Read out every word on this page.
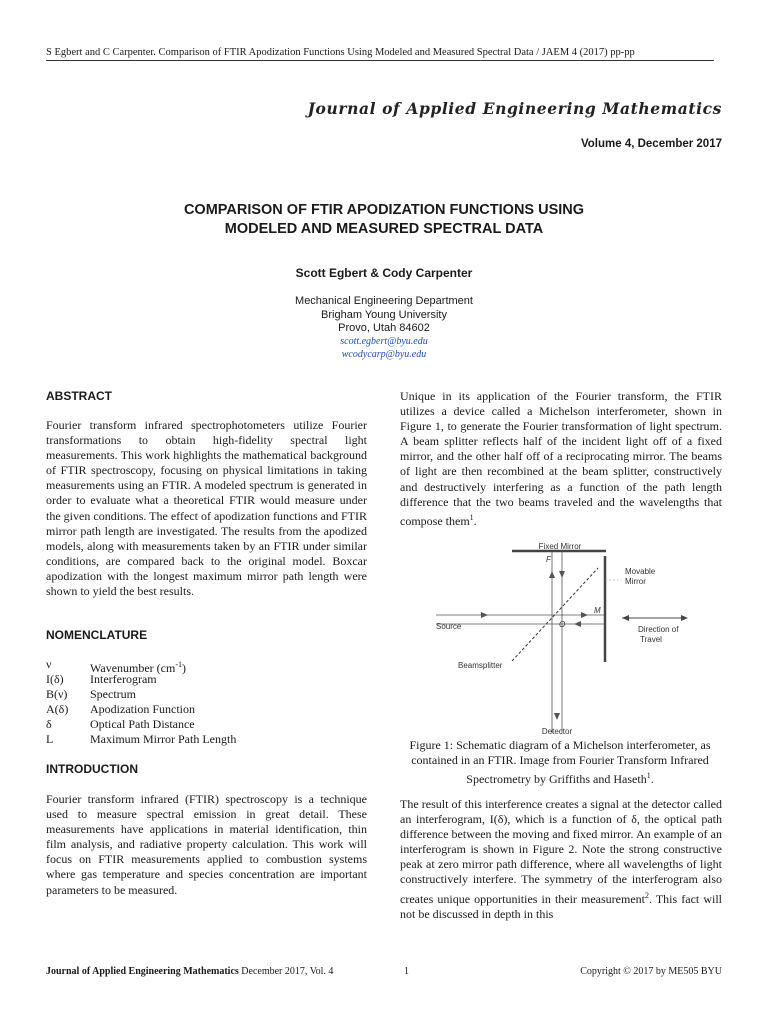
S Egbert and C Carpenter. Comparison of FTIR Apodization Functions Using Modeled and Measured Spectral Data / JAEM 4 (2017) pp-pp
Journal of Applied Engineering Mathematics
Volume 4, December 2017
COMPARISON OF FTIR APODIZATION FUNCTIONS USING
MODELED AND MEASURED SPECTRAL DATA
Scott Egbert & Cody Carpenter
Mechanical Engineering Department
Brigham Young University
Provo, Utah 84602
scott.egbert@byu.edu
wcodycarp@byu.edu
ABSTRACT

Fourier transform infrared spectrophotometers utilize Fourier transformations to obtain high-fidelity spectral light measurements. This work highlights the mathematical background of FTIR spectroscopy, focusing on physical limitations in taking measurements using an FTIR. A modeled spectrum is generated in order to evaluate what a theoretical FTIR would measure under the given conditions. The effect of apodization functions and FTIR mirror path length are investigated. The results from the apodized models, along with measurements taken by an FTIR under similar conditions, are compared back to the original model. Boxcar apodization with the longest maximum mirror path length were shown to yield the best results.

NOMENCLATURE
ν	Wavenumber $(cm^{-1})$
I(δ) Interferogram
B(ν) Spectrum
A(δ) Apodization Function
δ	Optical Path Distance
L	Maximum Mirror Path Length
INTRODUCTION

Fourier transform infrared (FTIR) spectroscopy is a technique used to measure spectral emission in great detail. These measurements have applications in material identification, thin film analysis, and radiative property calculation. This work will focus on FTIR measurements applied to combustion systems where gas temperature and species concentration are important parameters to be measured.

Unique in its application of the Fourier transform, the FTIR utilizes a device called a Michelson interferometer, shown in Figure 1, to generate the Fourier transformation of light spectrum. A beam splitter reflects half of the incident light off of a fixed mirror, and the other half off of a reciprocating mirror. The beams of light are then recombined at the beam splitter, constructively and destructively interfering as a function of the path length difference that the two beams traveled and the wavelengths that compose them$^1$.

Fixed Mirror
F
Movable
Mirror
M
Source	O
Beamsplitter
Direction of
Travel
Detector
Figure 1: Schematic diagram of a Michelson interferometer, as contained in an FTIR. Image from Fourier Transform Infrared Spectrometry by Griffiths and Haseth$^1$.

The result of this interference creates a signal at the detector called an interferogram, I(δ), which is a function of δ, the optical path difference between the moving and fixed mirror. An example of an interferogram is shown in Figure 2. Note the strong constructive peak at zero mirror path difference, where all wavelengths of light constructively interfere. The symmetry of the interferogram also creates unique opportunities in their measurement$^2$. This fact will not be discussed in depth in this

Journal of Applied Engineering Mathematics December 2017, Vol. 4	1	Copyright © 2017 by ME505 BYU
